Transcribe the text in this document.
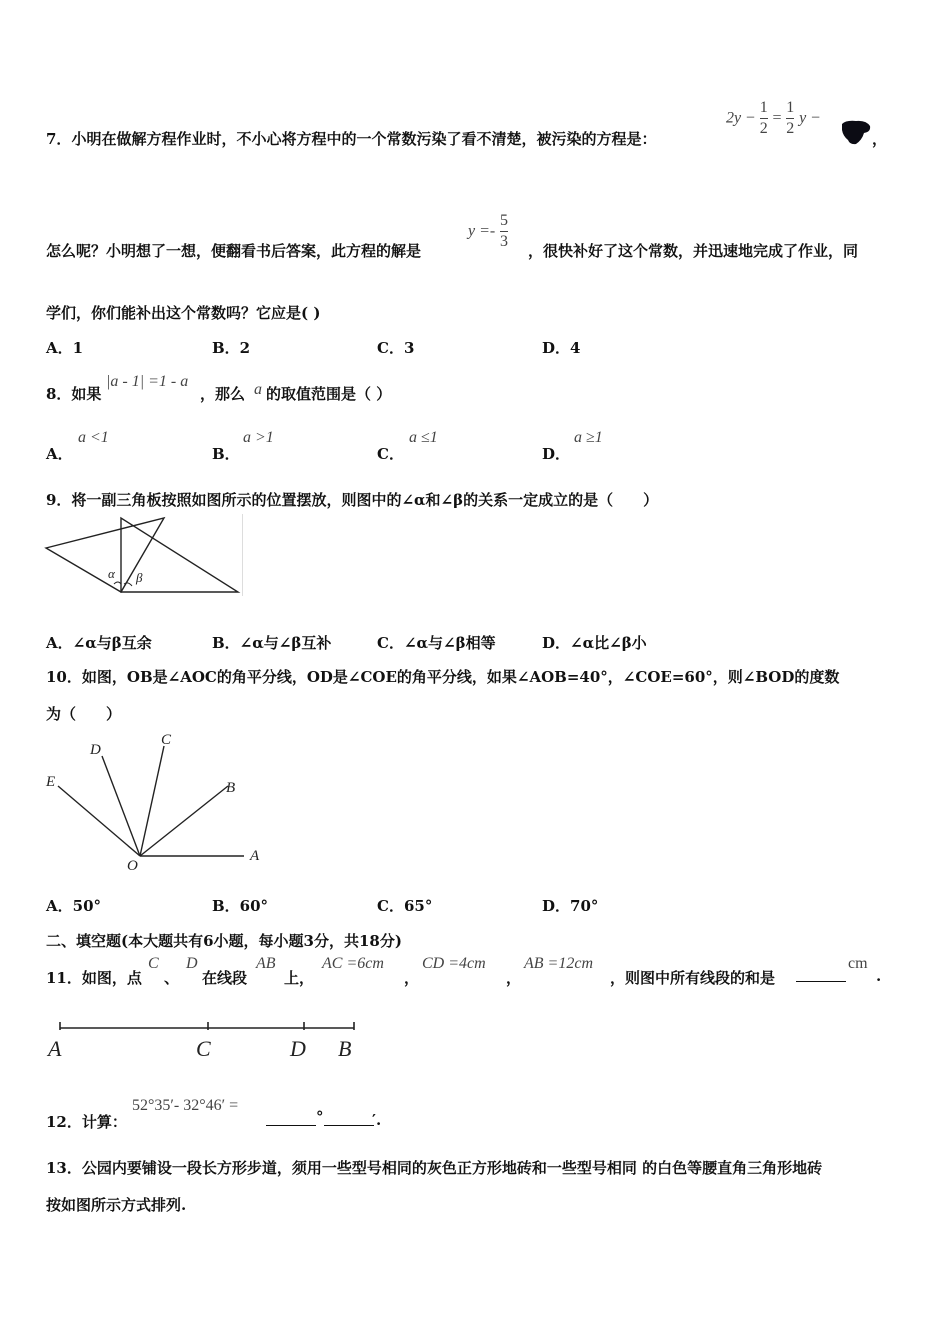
7．小明在做解方程作业时，不小心将方程中的一个常数污染了看不清楚，被污染的方程是：
$2y - \frac{1}{2} = \frac{1}{2}$ y −
，
怎么呢？小明想了一想，便翻看书后答案，此方程的解是
$y =- \frac{5}{3}$
，很快补好了这个常数，并迅速地完成了作业，同
学们，你们能补出这个常数吗？它应是( )
A．1	B．2	C．3	D．4
8．如果
|a - 1| =1 - a
，那么 a 的取值范围是（ ）
A．
a <1
B．
a >1
C．
a ≤1
D．
a ≥1
9．将一副三角板按照如图所示的位置摆放，则图中的∠α和∠β的关系一定成立的是（　　）
α β
A．∠α与β互余	B．∠α与∠β互补	C．∠α与∠β相等	D．∠α比∠β小
10．如图，OB是∠AOC的角平分线，OD是∠COE的角平分线，如果∠AOB=40°，∠COE=60°，则∠BOD的度数
为（　　）
D
C
E	B
O
A
A．50°	B．60°	C．65°	D．70°
二、填空题(本大题共有6小题，每小题3分，共18分)
11．如图，点
C
、
D
在线段
AB
上，
AC =6cm
，
CD =4cm
，
AB =12cm
，则图中所有线段的和是
cm
.
A	C	D B
12．计算：
52°35′- 32°46′ =
°	′.
13．公园内要铺设一段长方形步道，须用一些型号相同的灰色正方形地砖和一些型号相同 的白色等腰直角三角形地砖
按如图所示方式排列.
